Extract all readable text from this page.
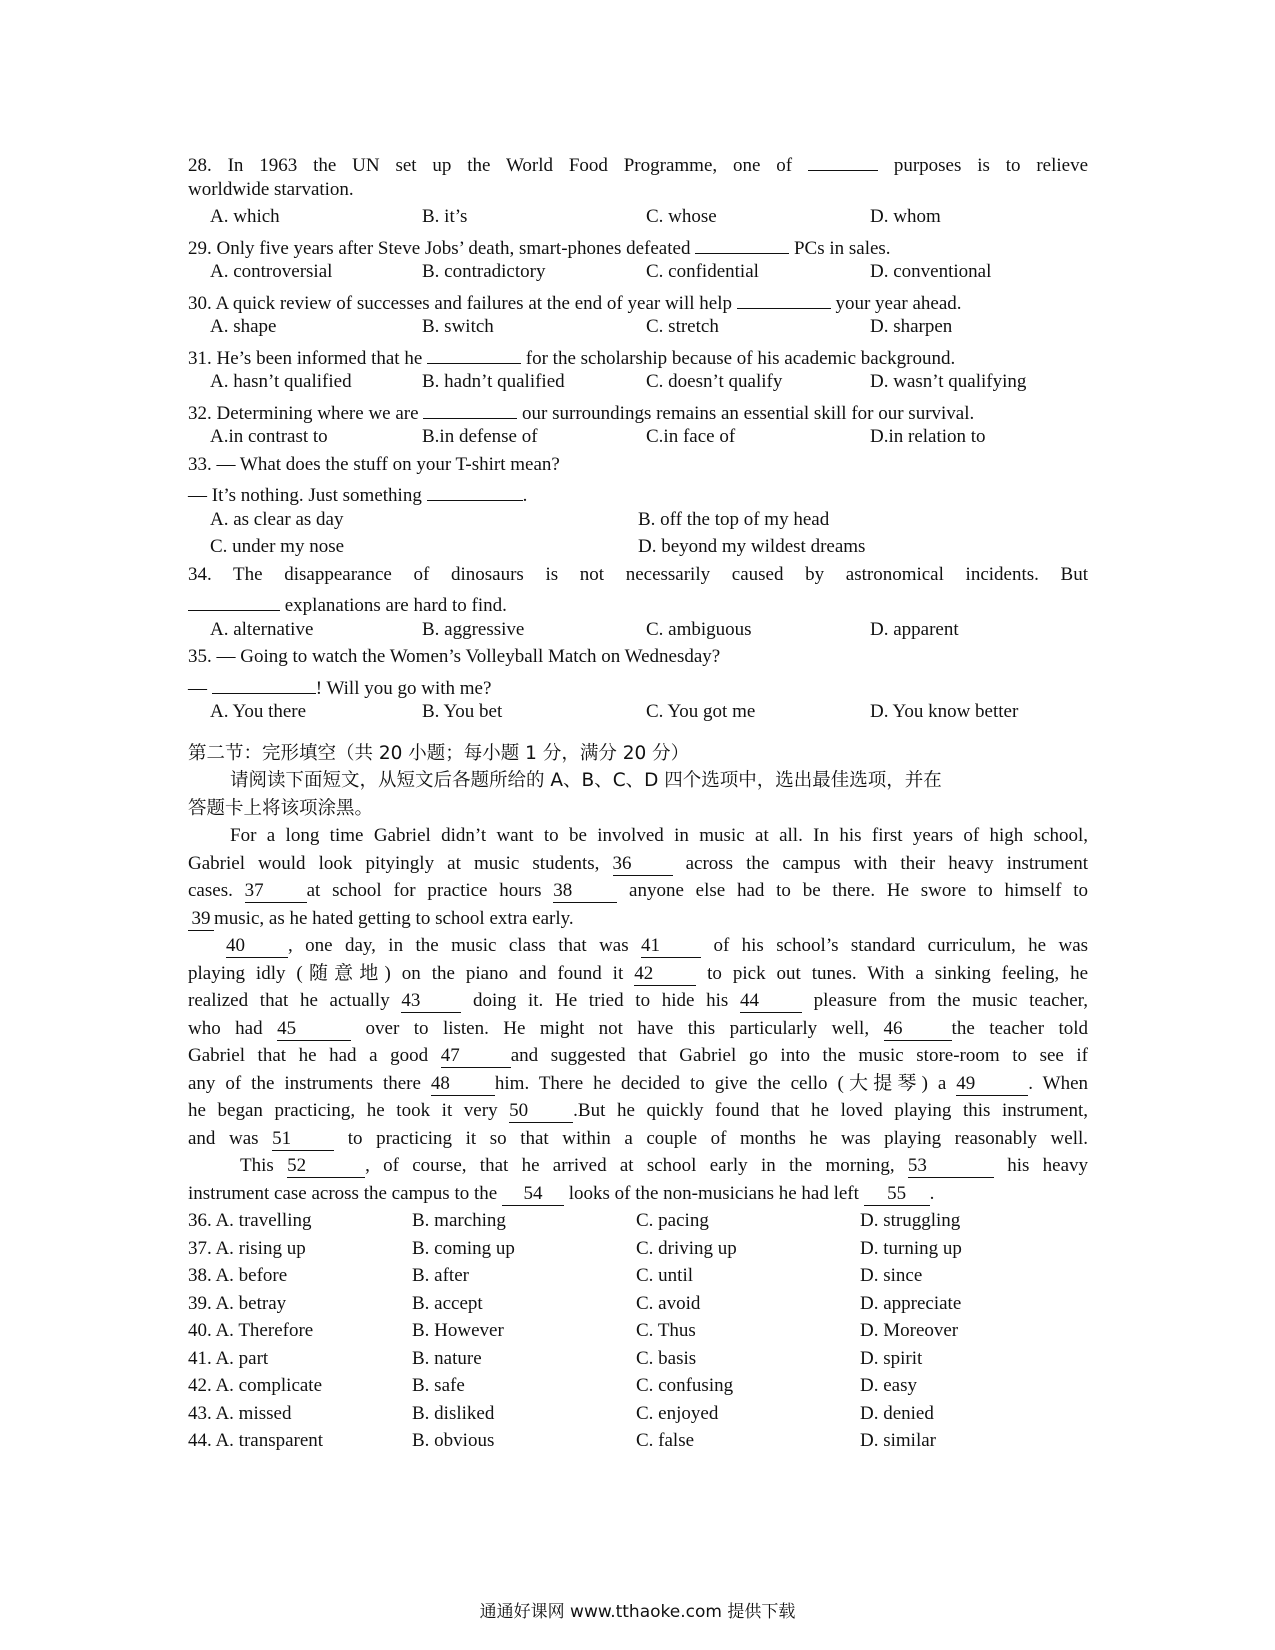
28. In 1963 the UN set up the World Food Programme, one of	purposes is to relieve
worldwide starvation.
A. which	B. it’s	C. whose	D. whom
29. Only five years after Steve Jobs’ death, smart-phones defeated	PCs in sales.
A. controversial	B. contradictory	C. confidential	D. conventional
30. A quick review of successes and failures at the end of year will help	your year ahead.
A. shape	B. switch	C. stretch	D. sharpen
31. He’s been informed that he	for the scholarship because of his academic background.
A. hasn’t qualified	B. hadn’t qualified	C. doesn’t qualify	D. wasn’t qualifying
32. Determining where we are	our surroundings remains an essential skill for our survival.
A.in contrast to	B.in defense of	C.in face of	D.in relation to
33. — What does the stuff on your T-shirt mean?
— It’s nothing. Just something	.
A. as clear as day	B. off the top of my head
C. under my nose	D. beyond my wildest dreams
34. The disappearance of dinosaurs is not necessarily caused by astronomical incidents. But
explanations are hard to find.
A. alternative	B. aggressive	C. ambiguous	D. apparent
35. — Going to watch the Women’s Volleyball Match on Wednesday?
—	! Will you go with me?
A. You there	B. You bet	C. You got me	D. You know better
第二节：完形填空（共 20 小题；每小题 1 分，满分 20 分）
请阅读下面短文，从短文后各题所给的 A、B、C、D 四个选项中，选出最佳选项，并在
答题卡上将该项涂黑。
For a long time Gabriel didn’t want to be involved in music at all. In his first years of high school,
Gabriel would look pityingly at music students, 36	across the campus with their heavy instrument
cases. 37 at school for practice hours 38	anyone else had to be there. He swore to himself to
39 music, as he hated getting to school extra early.
40 , one day, in the music class that was 41	of his school’s standard curriculum, he was
playing idly (随意地) on the piano and found it 42	to pick out tunes. With a sinking feeling, he
realized that he actually 43	doing it. He tried to hide his 44	pleasure from the music teacher,
who had 45	over to listen. He might not have this particularly well, 46	the teacher told
Gabriel that he had a good 47	and suggested that Gabriel go into the music store-room to see if
any of the instruments there 48 him. There he decided to give the cello (大提琴) a 49	. When
he began practicing, he took it very 50 .But he quickly found that he loved playing this instrument,
and was 51	to practicing it so that within a couple of months he was playing reasonably well.
This 52	, of course, that he arrived at school early in the morning, 53	his heavy
instrument case across the campus to the 54 looks of the non-musicians he had left 55 .
36. A. travelling	B. marching	C. pacing	D. struggling
37. A. rising up	B. coming up	C. driving up	D. turning up
38. A. before	B. after	C. until	D. since
39. A. betray	B. accept	C. avoid	D. appreciate
40. A. Therefore	B. However	C. Thus	D. Moreover
41. A. part	B. nature	C. basis	D. spirit
42. A. complicate	B. safe	C. confusing	D. easy
43. A. missed	B. disliked	C. enjoyed	D. denied
44. A. transparent	B. obvious	C. false	D. similar
通通好课网 www.tthaoke.com 提供下载
